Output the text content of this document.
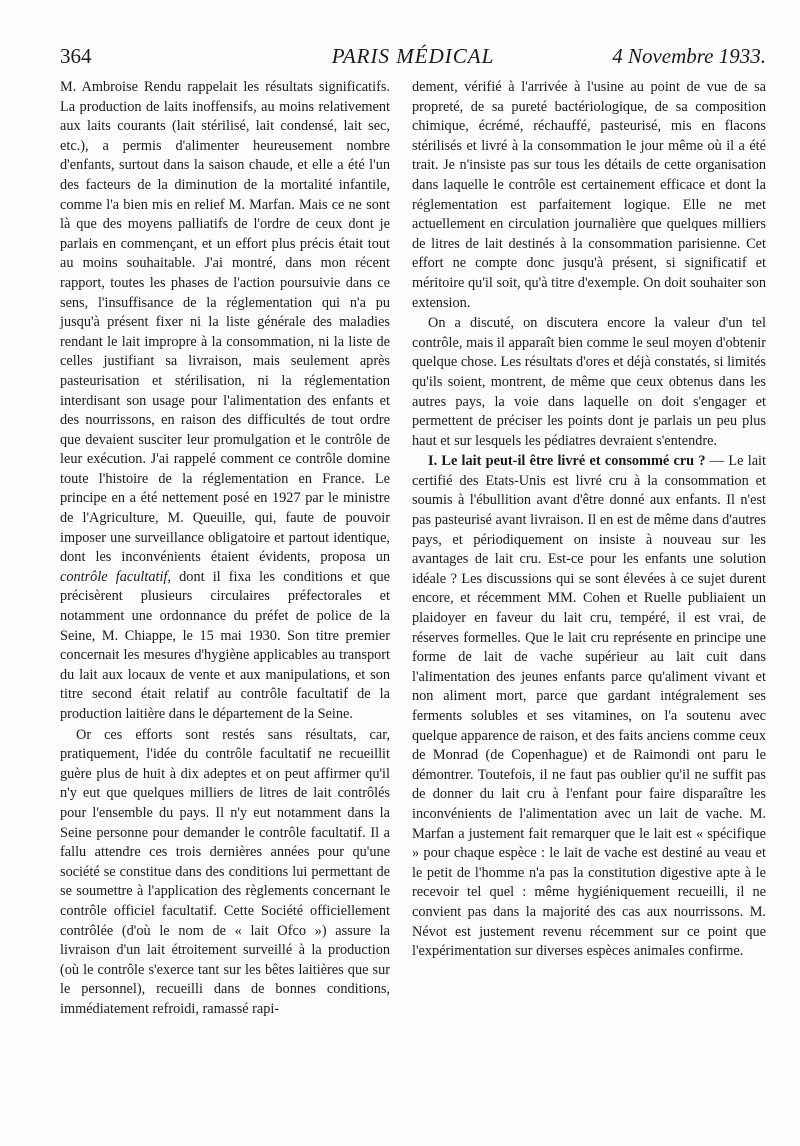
364	PARIS MÉDICAL	4 Novembre 1933.

M. Ambroise Rendu rappelait les résultats significatifs. La production de laits inoffensifs, au moins relativement aux laits courants (lait stérilisé, lait condensé, lait sec, etc.), a permis d'alimenter heureusement nombre d'enfants, surtout dans la saison chaude, et elle a été l'un des facteurs de la diminution de la mortalité infantile, comme l'a bien mis en relief M. Marfan. Mais ce ne sont là que des moyens palliatifs de l'ordre de ceux dont je parlais en commençant, et un effort plus précis était tout au moins souhaitable. J'ai montré, dans mon récent rapport, toutes les phases de l'action poursuivie dans ce sens, l'insuffisance de la réglementation qui n'a pu jusqu'à présent fixer ni la liste générale des maladies rendant le lait impropre à la consommation, ni la liste de celles justifiant sa livraison, mais seulement après pasteurisation et stérilisation, ni la réglementation interdisant son usage pour l'alimentation des enfants et des nourrissons, en raison des difficultés de tout ordre que devaient susciter leur promulgation et le contrôle de leur exécution. J'ai rappelé comment ce contrôle domine toute l'histoire de la réglementation en France. Le principe en a été nettement posé en 1927 par le ministre de l'Agriculture, M. Queuille, qui, faute de pouvoir imposer une surveillance obligatoire et partout identique, dont les inconvénients étaient évidents, proposa un contrôle facultatif, dont il fixa les conditions et que précisèrent plusieurs circulaires préfectorales et notamment une ordonnance du préfet de police de la Seine, M. Chiappe, le 15 mai 1930. Son titre premier concernait les mesures d'hygiène applicables au transport du lait aux locaux de vente et aux manipulations, et son titre second était relatif au contrôle facultatif de la production laitière dans le département de la Seine.

Or ces efforts sont restés sans résultats, car, pratiquement, l'idée du contrôle facultatif ne recueillit guère plus de huit à dix adeptes et on peut affirmer qu'il n'y eut que quelques milliers de litres de lait contrôlés pour l'ensemble du pays. Il n'y eut notamment dans la Seine personne pour demander le contrôle facultatif. Il a fallu attendre ces trois dernières années pour qu'une société se constitue dans des conditions lui permettant de se soumettre à l'application des règlements concernant le contrôle officiel facultatif. Cette Société officiellement contrôlée (d'où le nom de « lait Ofco ») assure la livraison d'un lait étroitement surveillé à la production (où le contrôle s'exerce tant sur les bêtes laitières que sur le personnel), recueilli dans de bonnes conditions, immédiatement refroidi, ramassé rapi-

dement, vérifié à l'arrivée à l'usine au point de vue de sa propreté, de sa pureté bactériologique, de sa composition chimique, écrémé, réchauffé, pasteurisé, mis en flacons stérilisés et livré à la consommation le jour même où il a été trait. Je n'insiste pas sur tous les détails de cette organisation dans laquelle le contrôle est certainement efficace et dont la réglementation est parfaitement logique. Elle ne met actuellement en circulation journalière que quelques milliers de litres de lait destinés à la consommation parisienne. Cet effort ne compte donc jusqu'à présent, si significatif et méritoire qu'il soit, qu'à titre d'exemple. On doit souhaiter son extension.

On a discuté, on discutera encore la valeur d'un tel contrôle, mais il apparaît bien comme le seul moyen d'obtenir quelque chose. Les résultats d'ores et déjà constatés, si limités qu'ils soient, montrent, de même que ceux obtenus dans les autres pays, la voie dans laquelle on doit s'engager et permettent de préciser les points dont je parlais un peu plus haut et sur lesquels les pédiatres devraient s'entendre.

I. Le lait peut-il être livré et consommé cru ? — Le lait certifié des Etats-Unis est livré cru à la consommation et soumis à l'ébullition avant d'être donné aux enfants. Il n'est pas pasteurisé avant livraison. Il en est de même dans d'autres pays, et périodiquement on insiste à nouveau sur les avantages de lait cru. Est-ce pour les enfants une solution idéale ? Les discussions qui se sont élevées à ce sujet durent encore, et récemment MM. Cohen et Ruelle publiaient un plaidoyer en faveur du lait cru, tempéré, il est vrai, de réserves formelles. Que le lait cru représente en principe une forme de lait de vache supérieur au lait cuit dans l'alimentation des jeunes enfants parce qu'aliment vivant et non aliment mort, parce que gardant intégralement ses ferments solubles et ses vitamines, on l'a soutenu avec quelque apparence de raison, et des faits anciens comme ceux de Monrad (de Copenhague) et de Raimondi ont paru le démontrer. Toutefois, il ne faut pas oublier qu'il ne suffit pas de donner du lait cru à l'enfant pour faire disparaître les inconvénients de l'alimentation avec un lait de vache. M. Marfan a justement fait remarquer que le lait est « spécifique » pour chaque espèce : le lait de vache est destiné au veau et le petit de l'homme n'a pas la constitution digestive apte à le recevoir tel quel : même hygiéniquement recueilli, il ne convient pas dans la majorité des cas aux nourrissons. M. Névot est justement revenu récemment sur ce point que l'expérimentation sur diverses espèces animales confirme.
